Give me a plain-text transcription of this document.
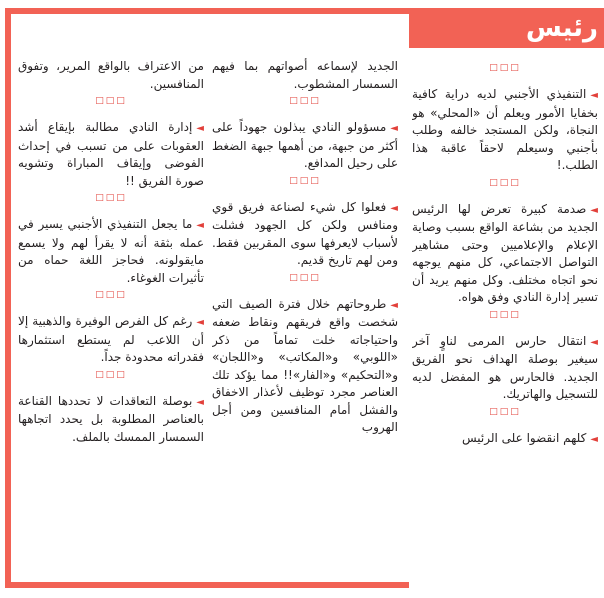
رئيس
□□□

◄التنفيذي الأجنبي لديه دراية كافية بخفايا الأمور ويعلم أن «المحلي» هو النجاة، ولكن المستجد خالفه وطلب بأجنبي وسيعلم لاحقاً عاقبة هذا الطلب.!

□□□

◄صدمة كبيرة تعرض لها الرئيس الجديد من بشاعة الواقع بسبب وصاية الإعلام والإعلاميين وحتى مشاهير التواصل الاجتماعي، كل منهم يوجهه نحو اتجاه مختلف. وكل منهم يريد أن تسير إدارة النادي وفق هواه.

□□□

◄انتقال حارس المرمى لناوٍ آخر سيغير بوصلة الهداف نحو الفريق الجديد. فالحارس هو المفضل لديه للتسجيل والهاتريك.

□□□

◄كلهم انقضوا على الرئيس

الجديد لإسماعه أصواتهم بما فيهم السمسار المشطوب.

□□□

◄مسؤولو النادي يبذلون جهوداً على أكثر من جبهة، من أهمها جبهة الضغط على رحيل المدافع.

□□□

◄فعلوا كل شيء لصناعة فريق قوي ومنافس ولكن كل الجهود فشلت لأسباب لايعرفها سوى المقربين فقط. ومن لهم تاريخ قديم.

□□□

◄طروحاتهم خلال فترة الصيف التي شخصت واقع فريقهم ونقاط ضعفه واحتياجاته خلت تماماً من ذكر «اللوبي» و«المكاتب» و«اللجان» و«التحكيم» و«الفار»!! مما يؤكد تلك العناصر مجرد توظيف لأعذار الاخفاق والفشل أمام المنافسين ومن أجل الهروب

من الاعتراف بالواقع المرير، وتفوق المنافسين.

□□□

◄إدارة النادي مطالبة بإيقاع أشد العقوبات على من تسبب في إحداث الفوضى وإيقاف المباراة وتشويه صورة الفريق !!

□□□

◄ما يجعل التنفيذي الأجنبي يسير في عمله بثقة أنه لا يقرأ لهم ولا يسمع مايقولونه. فحاجز اللغة حماه من تأثيرات الغوغاء.

□□□

◄رغم كل الفرص الوفيرة والذهبية إلا أن اللاعب لم يستطع استثمارها فقدراته محدودة جداً.

□□□

◄بوصلة التعاقدات لا تحددها القناعة بالعناصر المطلوبة بل يحدد اتجاهها السمسار الممسك بالملف.
